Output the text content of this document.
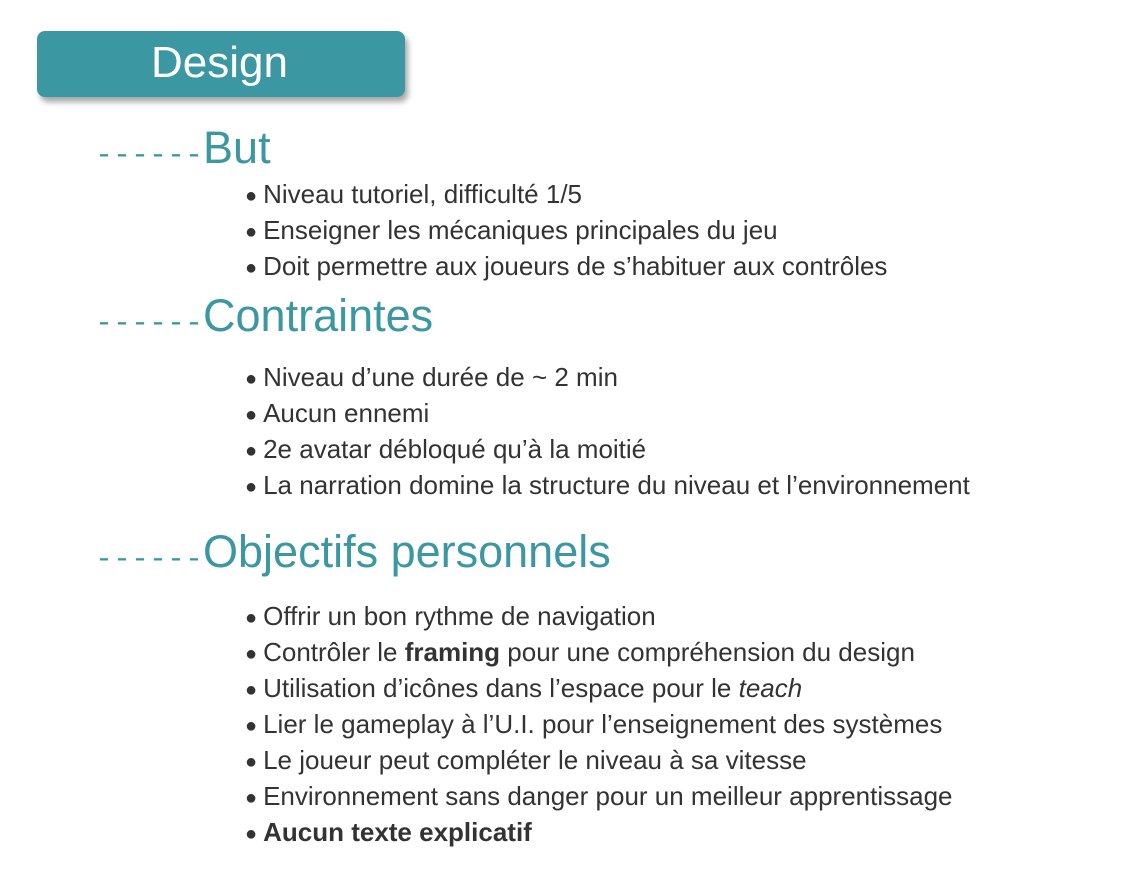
Design
------ But
● Niveau tutoriel, difficulté 1/5
● Enseigner les mécaniques principales du jeu
● Doit permettre aux joueurs de s’habituer aux contrôles
------ Contraintes
● Niveau d’une durée de ~ 2 min
● Aucun ennemi
● 2e avatar débloqué qu’à la moitié
● La narration domine la structure du niveau et l’environnement
------ Objectifs personnels
● Offrir un bon rythme de navigation
● Contrôler le framing pour une compréhension du design
● Utilisation d’icônes dans l’espace pour le teach
● Lier le gameplay à l’U.I. pour l’enseignement des systèmes
● Le joueur peut compléter le niveau à sa vitesse
● Environnement sans danger pour un meilleur apprentissage
● Aucun texte explicatif
